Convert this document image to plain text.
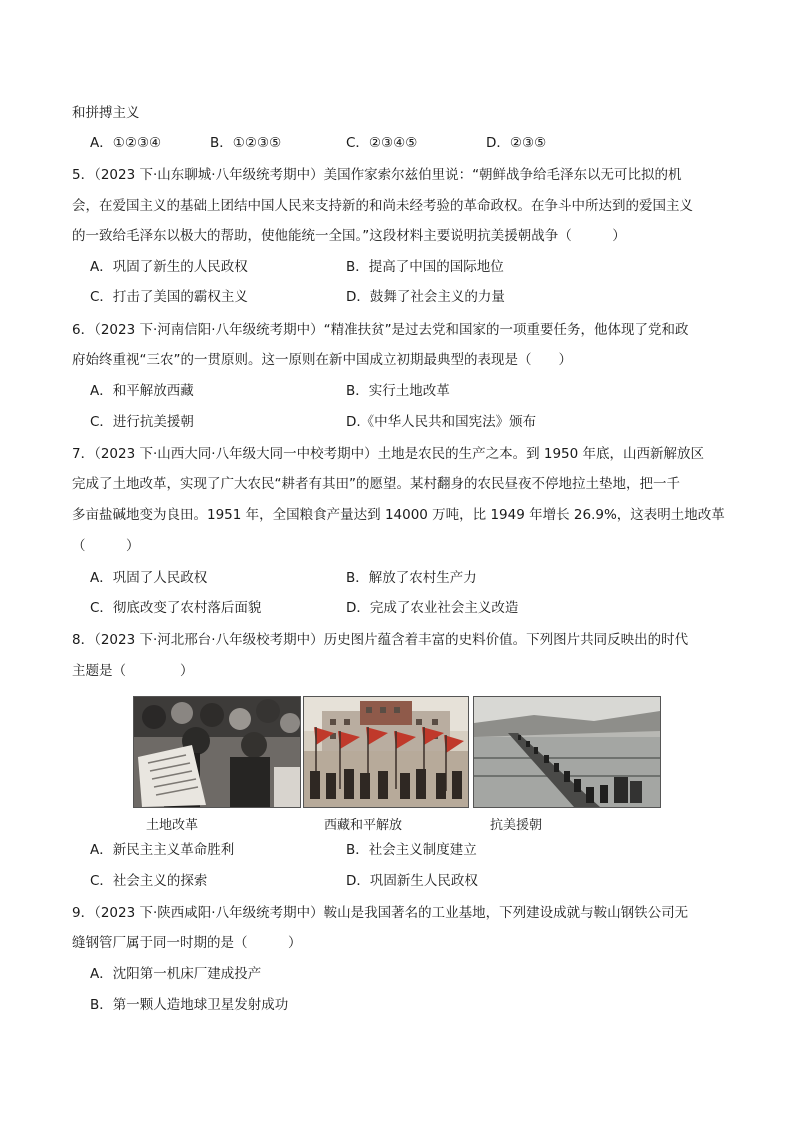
和拼搏主义
A．①②③④	B．①②③⑤	C．②③④⑤	D．②③⑤
5．（2023 下·山东聊城·八年级统考期中）美国作家索尔兹伯里说：“朝鲜战争给毛泽东以无可比拟的机
会，在爱国主义的基础上团结中国人民来支持新的和尚未经考验的革命政权。在争斗中所达到的爱国主义
的一致给毛泽东以极大的帮助，使他能统一全国。”这段材料主要说明抗美援朝战争（　　　）
A．巩固了新生的人民政权	B．提高了中国的国际地位
C．打击了美国的霸权主义	D．鼓舞了社会主义的力量
6．（2023 下·河南信阳·八年级统考期中）“精准扶贫”是过去党和国家的一项重要任务，他体现了党和政
府始终重视“三农”的一贯原则。这一原则在新中国成立初期最典型的表现是（　　）
A．和平解放西藏	B．实行土地改革
C．进行抗美援朝	D.《中华人民共和国宪法》颁布
7．（2023 下·山西大同·八年级大同一中校考期中）土地是农民的生产之本。到 1950 年底，山西新解放区
完成了土地改革，实现了广大农民“耕者有其田”的愿望。某村翻身的农民昼夜不停地拉土垫地，把一千
多亩盐碱地变为良田。1951 年，全国粮食产量达到 14000 万吨，比 1949 年增长 26.9%，这表明土地改革
（　　　）
A．巩固了人民政权	B．解放了农村生产力
C．彻底改变了农村落后面貌	D．完成了农业社会主义改造
8．（2023 下·河北邢台·八年级校考期中）历史图片蕴含着丰富的史料价值。下列图片共同反映出的时代
主题是（　　　　）
土地改革	西藏和平解放	抗美援朝
A．新民主主义革命胜利	B．社会主义制度建立
C．社会主义的探索	D．巩固新生人民政权
9．（2023 下·陕西咸阳·八年级统考期中）鞍山是我国著名的工业基地，下列建设成就与鞍山钢铁公司无
缝钢管厂属于同一时期的是（　　　）
A．沈阳第一机床厂建成投产
B．第一颗人造地球卫星发射成功
